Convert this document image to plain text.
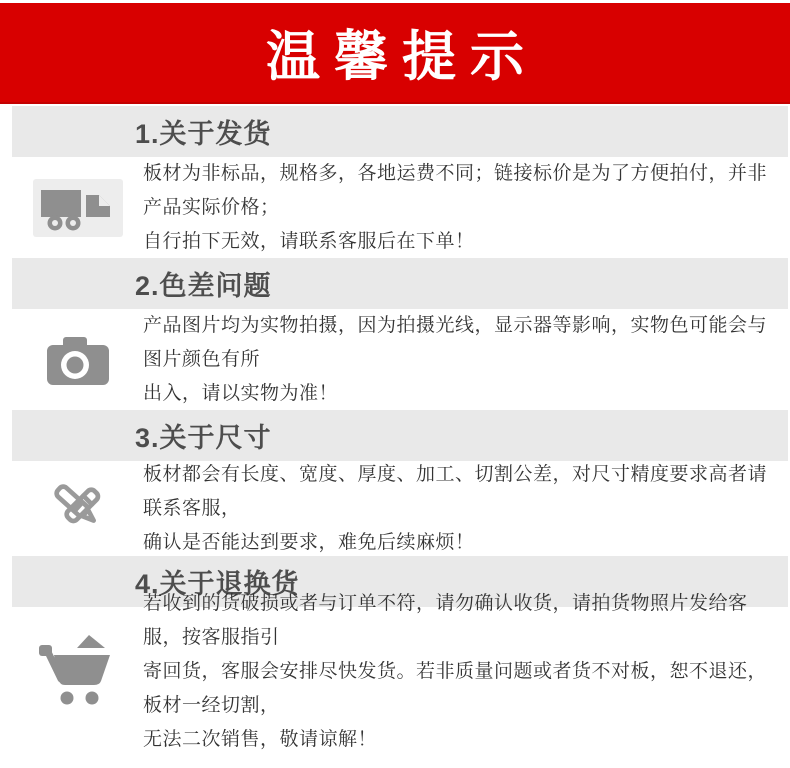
温馨提示
1.关于发货
板材为非标品，规格多，各地运费不同；链接标价是为了方便拍付，并非产品实际价格；
自行拍下无效，请联系客服后在下单！
2.色差问题
产品图片均为实物拍摄，因为拍摄光线，显示器等影响，实物色可能会与图片颜色有所
出入，请以实物为准！
3.关于尺寸
板材都会有长度、宽度、厚度、加工、切割公差，对尺寸精度要求高者请联系客服，
确认是否能达到要求，难免后续麻烦！
4.关于退换货
若收到的货破损或者与订单不符，请勿确认收货，请拍货物照片发给客服，按客服指引
寄回货，客服会安排尽快发货。若非质量问题或者货不对板，恕不退还，板材一经切割，
无法二次销售，敬请谅解！
